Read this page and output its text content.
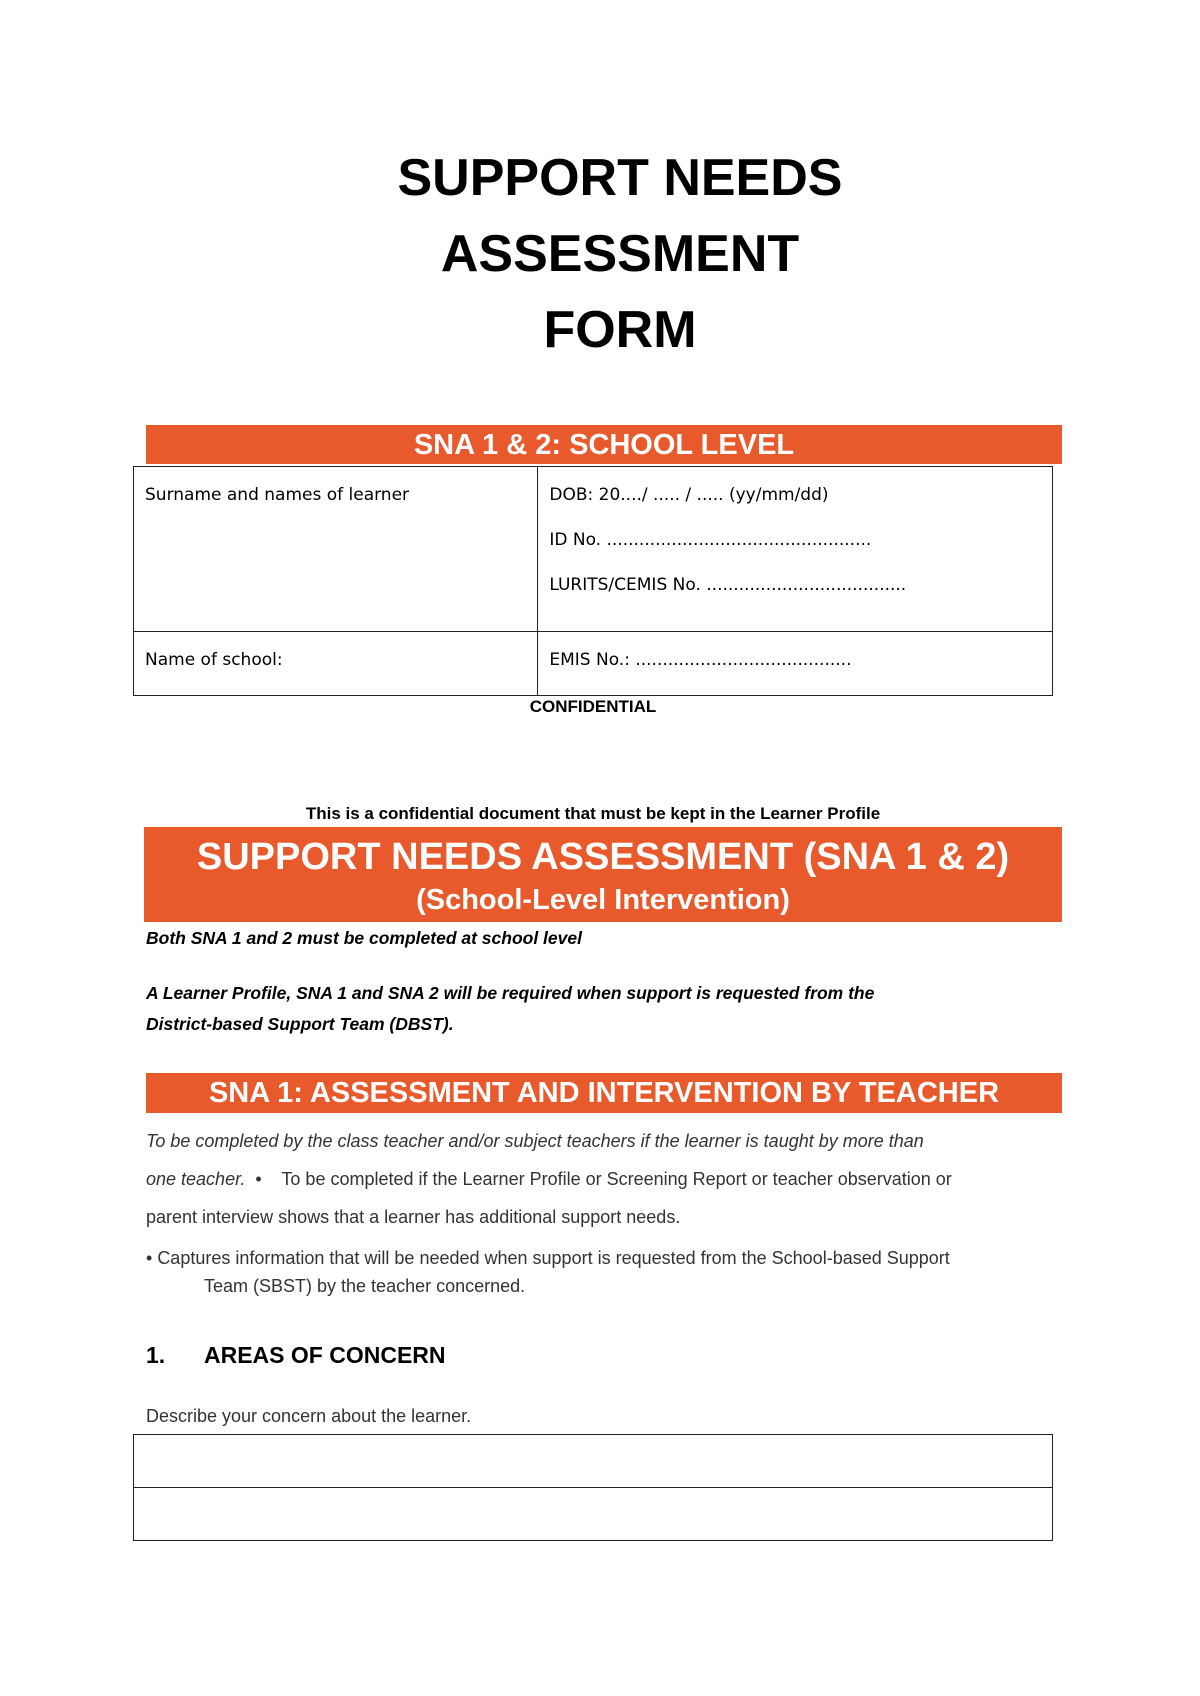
SUPPORT NEEDS
ASSESSMENT
FORM
SNA 1 & 2: SCHOOL LEVEL
Surname and names of learner	DOB: 20..../ ..... / ..... (yy/mm/dd)
ID No. .................................................
LURITS/CEMIS No. .....................................

Name of school:	EMIS No.: ........................................
CONFIDENTIAL
This is a confidential document that must be kept in the Learner Profile
SUPPORT NEEDS ASSESSMENT (SNA 1 & 2)
(School-Level Intervention)
Both SNA 1 and 2 must be completed at school level
A Learner Profile, SNA 1 and SNA 2 will be required when support is requested from the
District-based Support Team (DBST).
SNA 1: ASSESSMENT AND INTERVENTION BY TEACHER
To be completed by the class teacher and/or subject teachers if the learner is taught by more than
one teacher.  •    To be completed if the Learner Profile or Screening Report or teacher observation or
parent interview shows that a learner has additional support needs.
• Captures information that will be needed when support is requested from the School-based Support
Team (SBST) by the teacher concerned.
1. AREAS OF CONCERN
Describe your concern about the learner.
